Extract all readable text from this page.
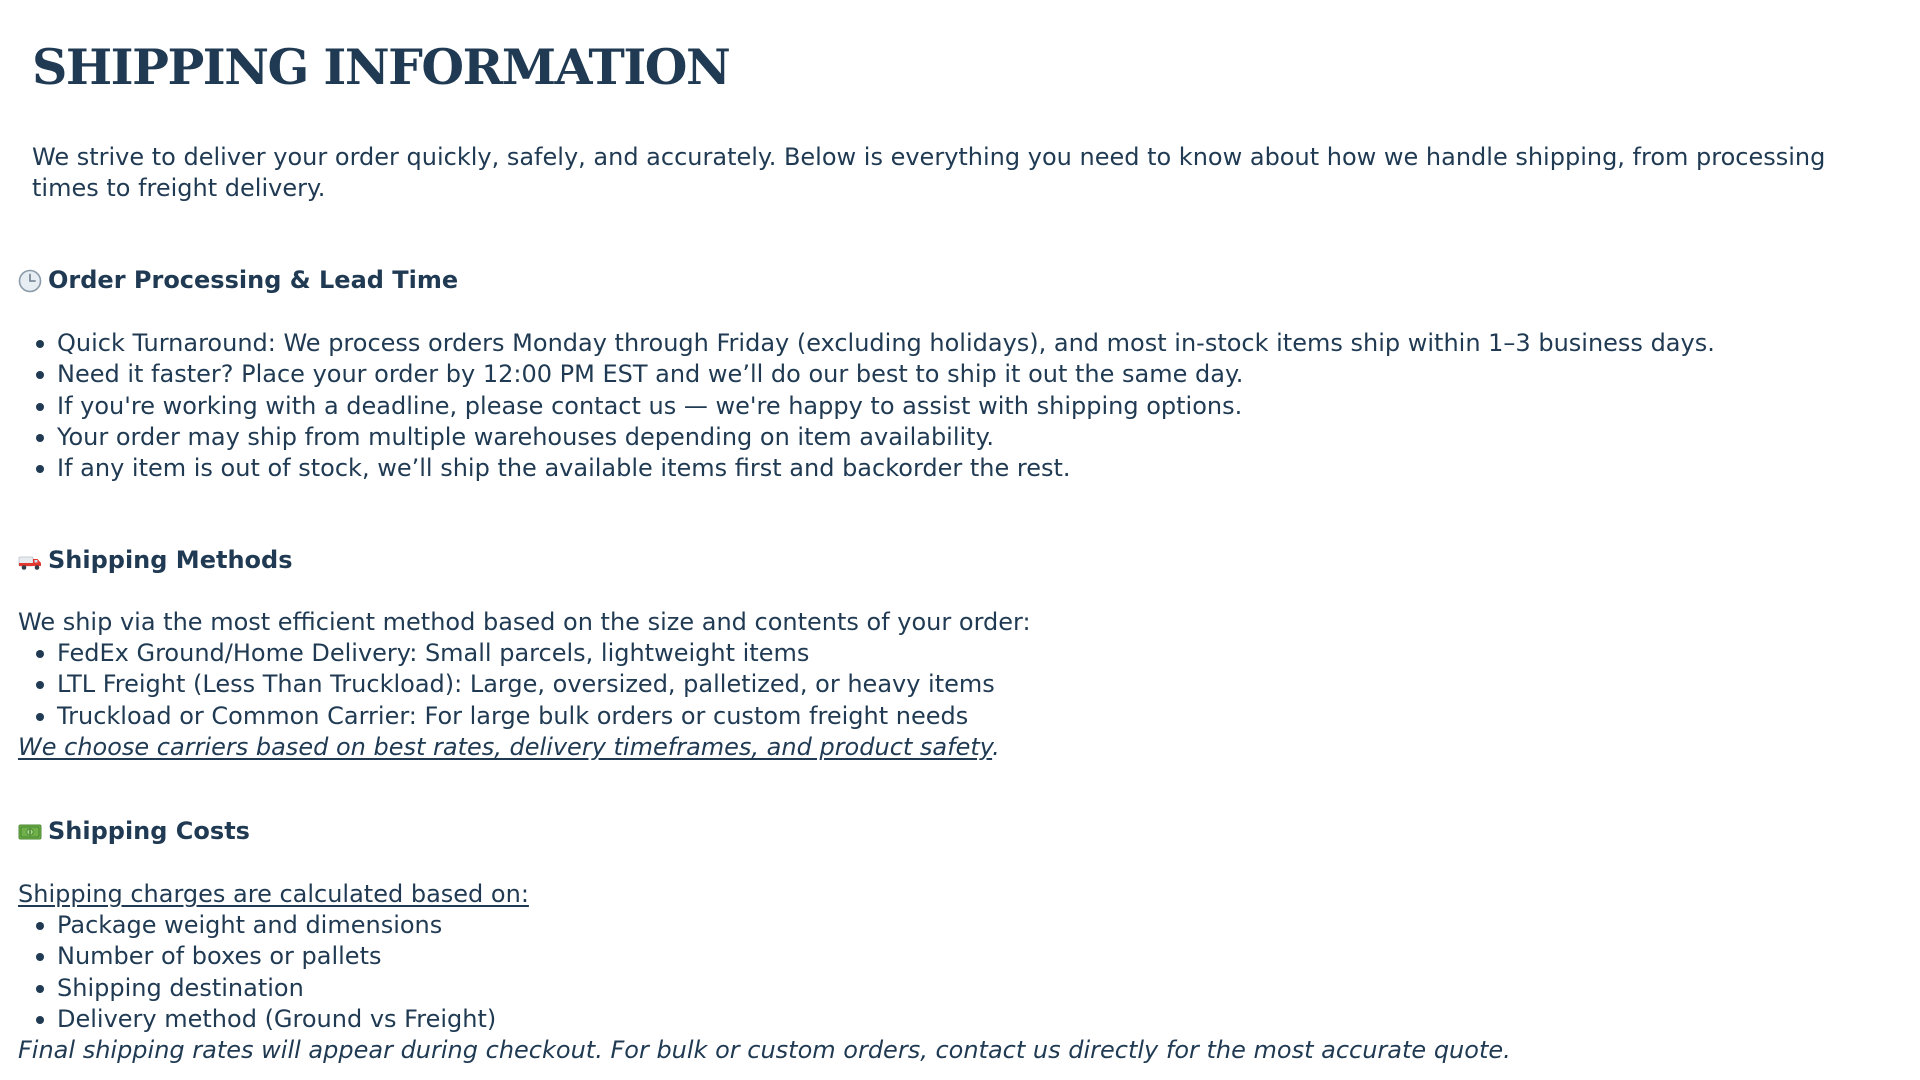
SHIPPING INFORMATION

We strive to deliver your order quickly, safely, and accurately. Below is everything you need to know about how we handle shipping, from processing times to freight delivery.

Order Processing & Lead Time
Quick Turnaround: We process orders Monday through Friday (excluding holidays), and most in-stock items ship within 1–3 business days.
Need it faster? Place your order by 12:00 PM EST and we’ll do our best to ship it out the same day.
If you're working with a deadline, please contact us — we're happy to assist with shipping options.
Your order may ship from multiple warehouses depending on item availability.
If any item is out of stock, we’ll ship the available items first and backorder the rest.
Shipping Methods

We ship via the most efficient method based on the size and contents of your order:

FedEx Ground/Home Delivery: Small parcels, lightweight items
LTL Freight (Less Than Truckload): Large, oversized, palletized, or heavy items
Truckload or Common Carrier: For large bulk orders or custom freight needs

We choose carriers based on best rates, delivery timeframes, and product safety.

Shipping Costs

Shipping charges are calculated based on:

Package weight and dimensions
Number of boxes or pallets
Shipping destination
Delivery method (Ground vs Freight)

Final shipping rates will appear during checkout. For bulk or custom orders, contact us directly for the most accurate quote.
